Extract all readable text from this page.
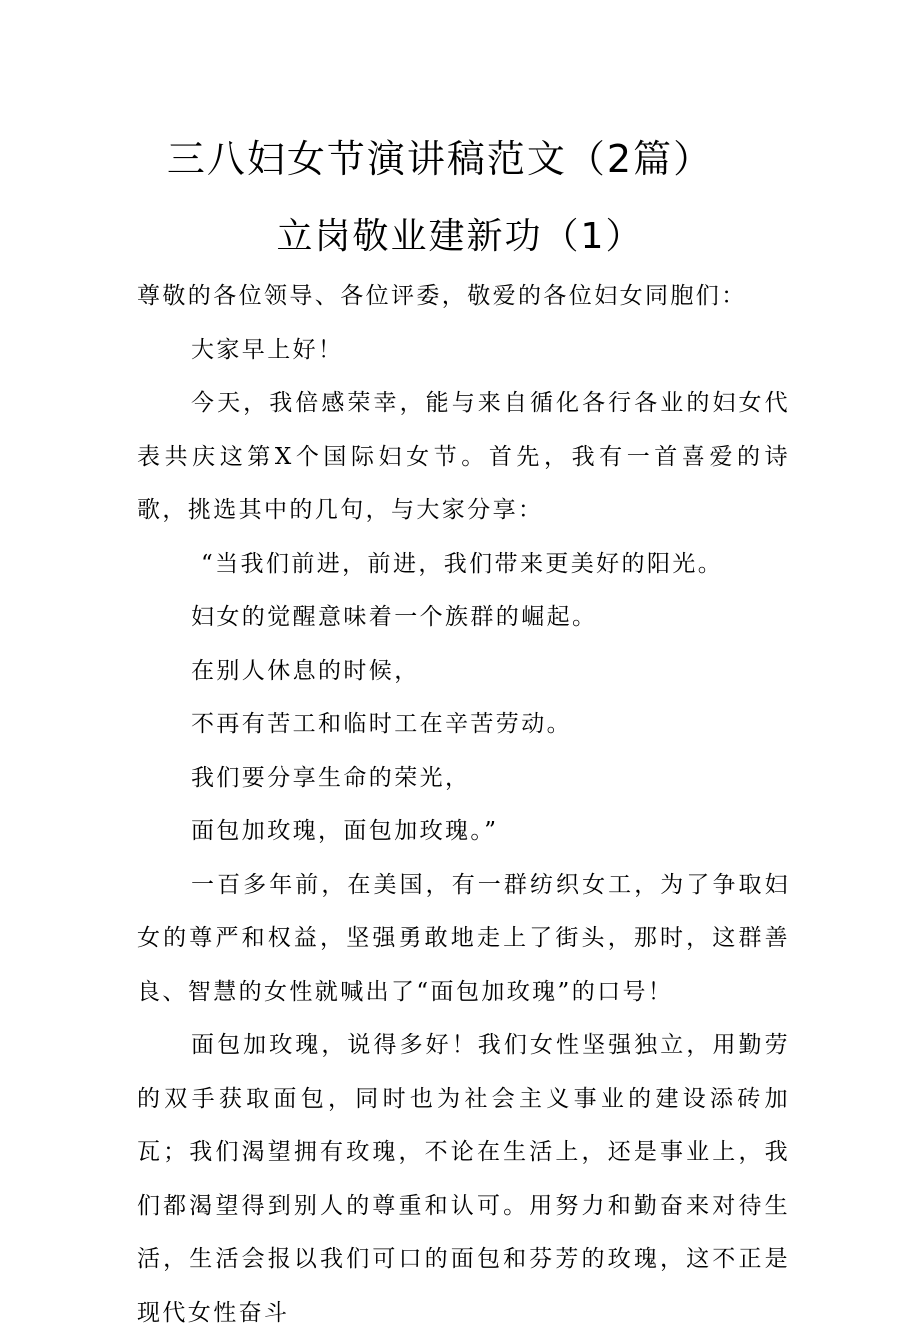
三八妇女节演讲稿范文（2篇）
立岗敬业建新功（1）

尊敬的各位领导、各位评委，敬爱的各位妇女同胞们：

大家早上好！

今天，我倍感荣幸，能与来自循化各行各业的妇女代表共庆这第X个国际妇女节。首先，我有一首喜爱的诗歌，挑选其中的几句，与大家分享：

“当我们前进，前进，我们带来更美好的阳光。

妇女的觉醒意味着一个族群的崛起。

在别人休息的时候，

不再有苦工和临时工在辛苦劳动。

我们要分享生命的荣光，

面包加玫瑰，面包加玫瑰。”

一百多年前，在美国，有一群纺织女工，为了争取妇女的尊严和权益，坚强勇敢地走上了街头，那时，这群善良、智慧的女性就喊出了“面包加玫瑰”的口号！

面包加玫瑰，说得多好！我们女性坚强独立，用勤劳的双手获取面包，同时也为社会主义事业的建设添砖加瓦；我们渴望拥有玫瑰，不论在生活上，还是事业上，我们都渴望得到别人的尊重和认可。用努力和勤奋来对待生活，生活会报以我们可口的面包和芬芳的玫瑰，这不正是现代女性奋斗
